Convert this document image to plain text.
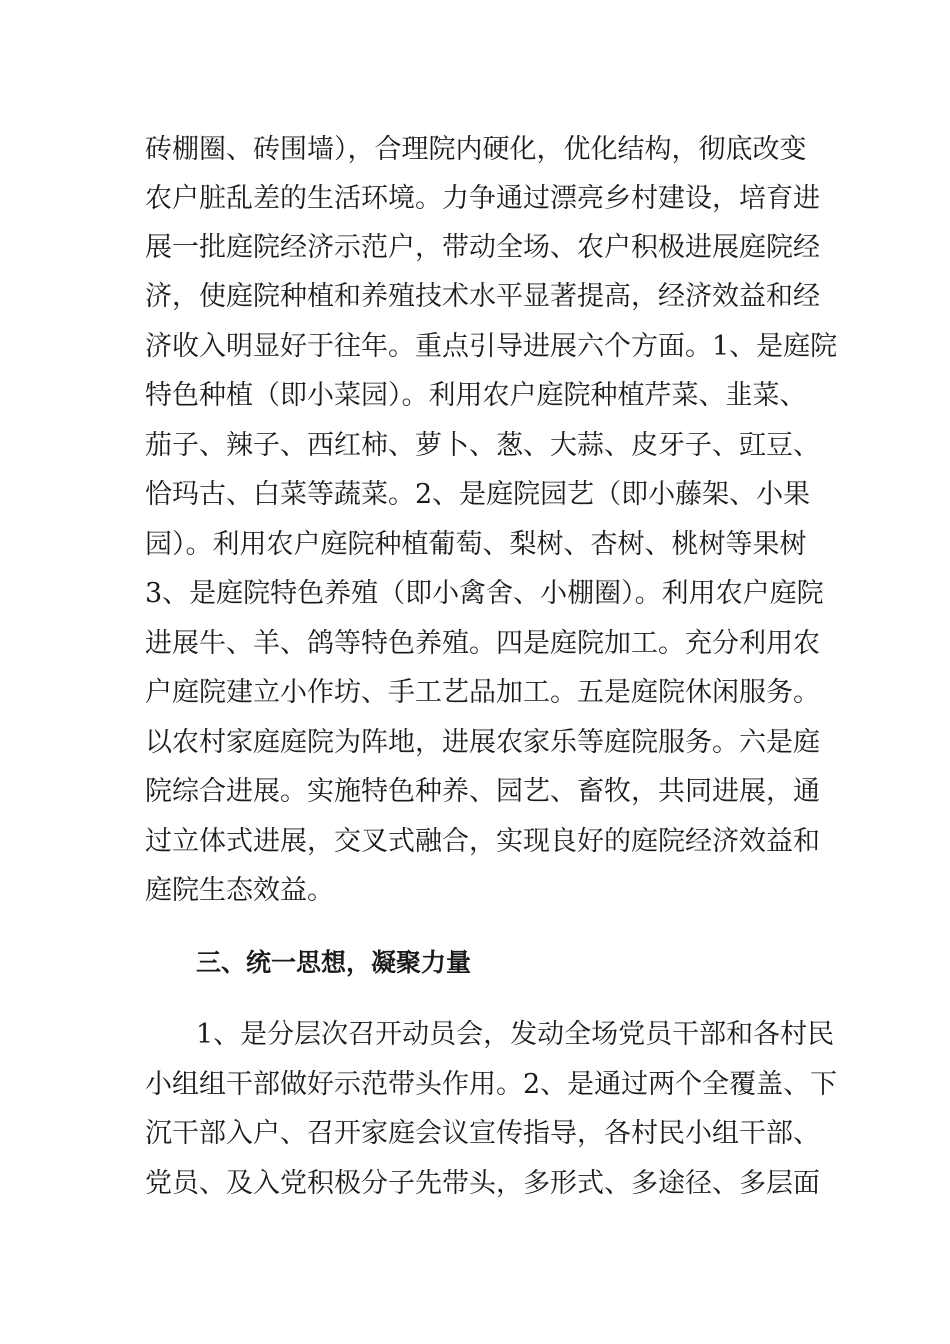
砖棚圈、砖围墙），合理院内硬化，优化结构，彻底改变
农户脏乱差的生活环境。力争通过漂亮乡村建设，培育进
展一批庭院经济示范户，带动全场、农户积极进展庭院经
济，使庭院种植和养殖技术水平显著提高，经济效益和经
济收入明显好于往年。重点引导进展六个方面。1、是庭院
特色种植（即小菜园）。利用农户庭院种植芹菜、韭菜、
茄子、辣子、西红柿、萝卜、葱、大蒜、皮牙子、豇豆、
恰玛古、白菜等蔬菜。2、是庭院园艺（即小藤架、小果
园）。利用农户庭院种植葡萄、梨树、杏树、桃树等果树
3、是庭院特色养殖（即小禽舍、小棚圈）。利用农户庭院
进展牛、羊、鸽等特色养殖。四是庭院加工。充分利用农
户庭院建立小作坊、手工艺品加工。五是庭院休闲服务。
以农村家庭庭院为阵地，进展农家乐等庭院服务。六是庭
院综合进展。实施特色种养、园艺、畜牧，共同进展，通
过立体式进展，交叉式融合，实现良好的庭院经济效益和
庭院生态效益。
三、统一思想，凝聚力量
1、是分层次召开动员会，发动全场党员干部和各村民
小组组干部做好示范带头作用。2、是通过两个全覆盖、下
沉干部入户、召开家庭会议宣传指导，各村民小组干部、
党员、及入党积极分子先带头，多形式、多途径、多层面
